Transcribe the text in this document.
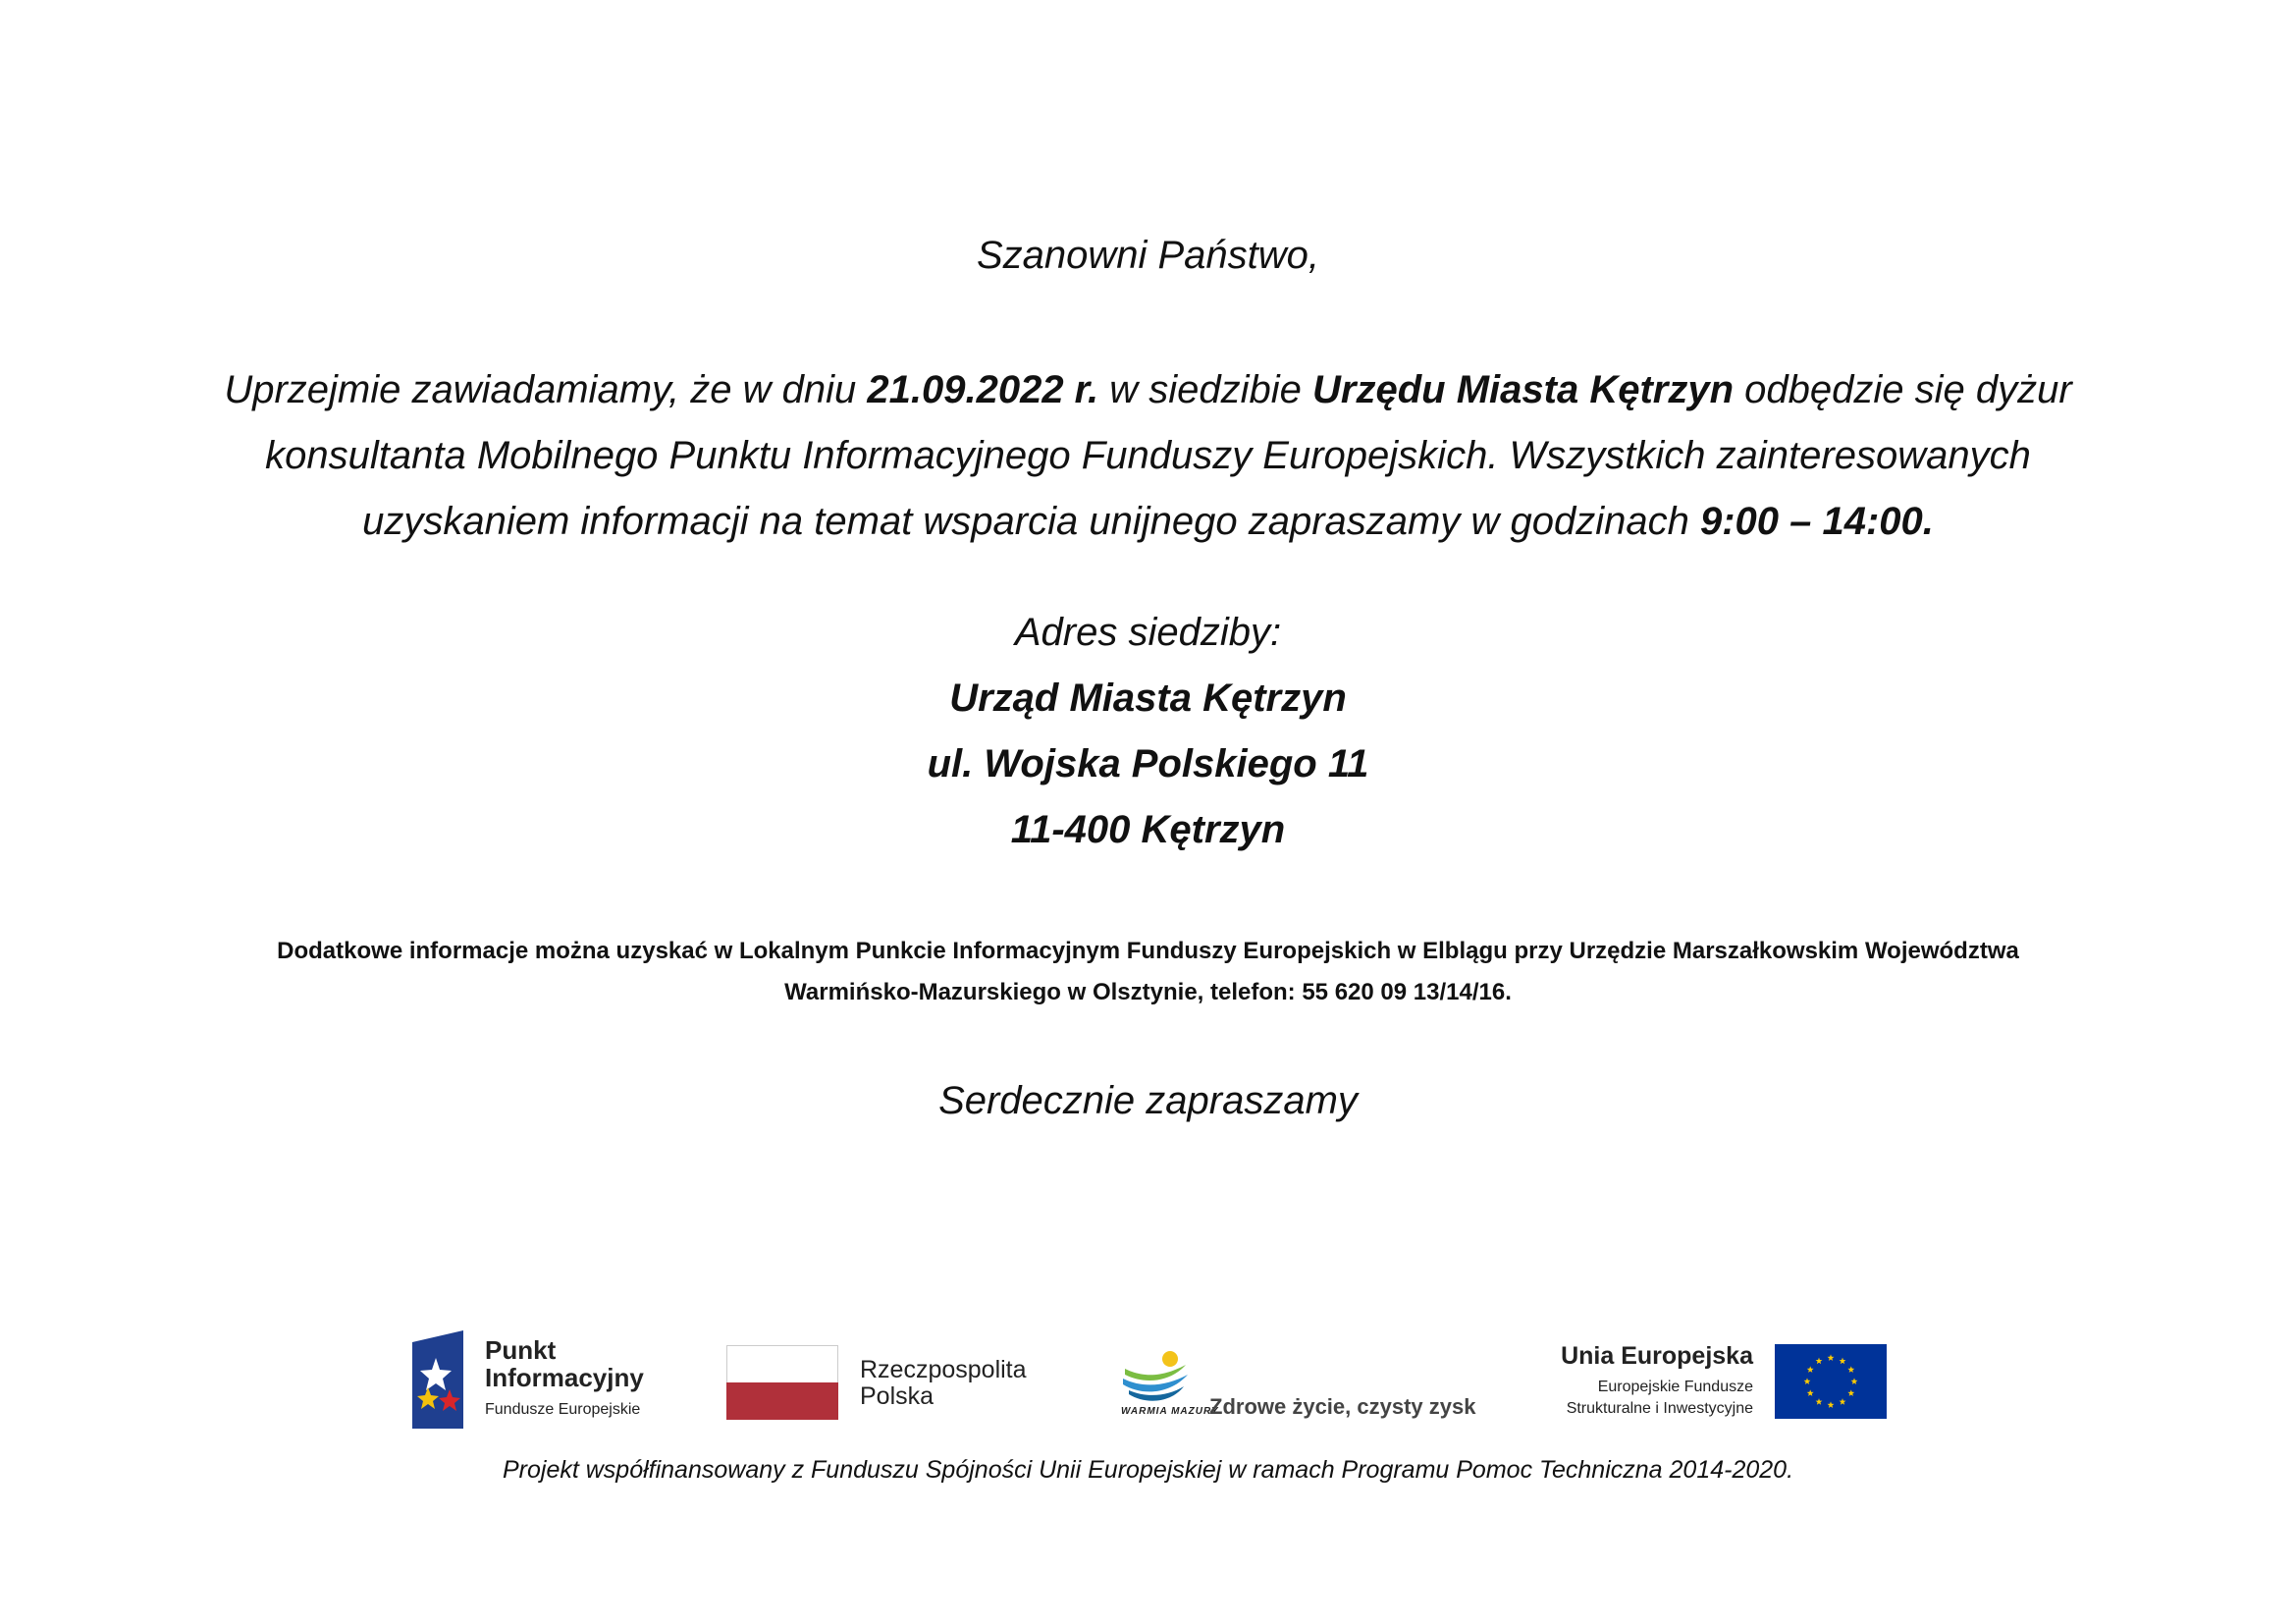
Szanowni Państwo,
Uprzejmie zawiadamiamy, że w dniu 21.09.2022 r. w siedzibie Urzędu Miasta Kętrzyn odbędzie się dyżur
konsultanta Mobilnego Punktu Informacyjnego Funduszy Europejskich. Wszystkich zainteresowanych
uzyskaniem informacji na temat wsparcia unijnego zapraszamy w godzinach 9:00 – 14:00.
Adres siedziby:
Urząd Miasta Kętrzyn
ul. Wojska Polskiego 11
11-400 Kętrzyn
Dodatkowe informacje można uzyskać w Lokalnym Punkcie Informacyjnym Funduszy Europejskich w Elblągu przy Urzędzie Marszałkowskim Województwa
Warmińsko-Mazurskiego w Olsztynie, telefon: 55 620 09 13/14/16.
Serdecznie zapraszamy
Punkt
Informacyjny
Fundusze Europejskie
Rzeczpospolita
Polska
WARMIA MAZURY
Zdrowe życie, czysty zysk
Unia Europejska
Europejskie Fundusze
Strukturalne i Inwestycyjne
Projekt współfinansowany z Funduszu Spójności Unii Europejskiej w ramach Programu Pomoc Techniczna 2014-2020.
